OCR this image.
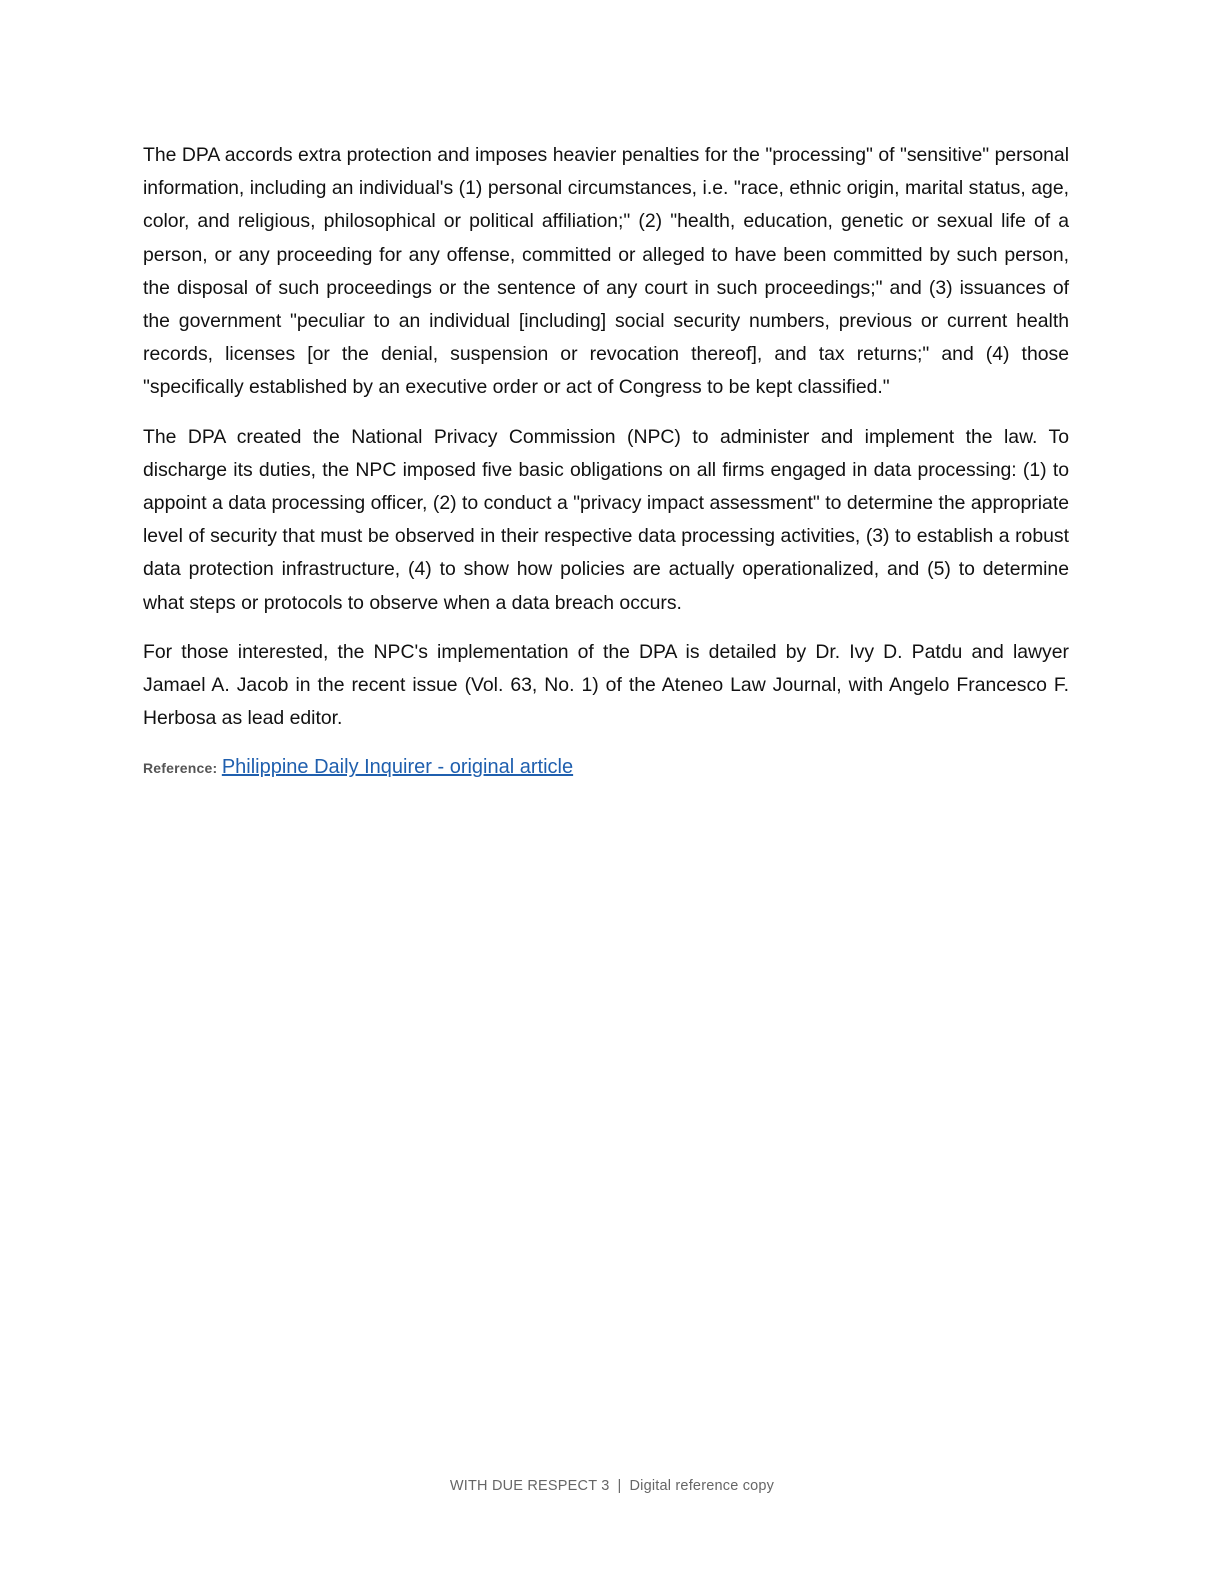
The DPA accords extra protection and imposes heavier penalties for the "processing" of "sensitive" personal information, including an individual's (1) personal circumstances, i.e. "race, ethnic origin, marital status, age, color, and religious, philosophical or political affiliation;" (2) "health, education, genetic or sexual life of a person, or any proceeding for any offense, committed or alleged to have been committed by such person, the disposal of such proceedings or the sentence of any court in such proceedings;" and (3) issuances of the government "peculiar to an individual [including] social security numbers, previous or current health records, licenses [or the denial, suspension or revocation thereof], and tax returns;" and (4) those "specifically established by an executive order or act of Congress to be kept classified."

The DPA created the National Privacy Commission (NPC) to administer and implement the law. To discharge its duties, the NPC imposed five basic obligations on all firms engaged in data processing: (1) to appoint a data processing officer, (2) to conduct a "privacy impact assessment" to determine the appropriate level of security that must be observed in their respective data processing activities, (3) to establish a robust data protection infrastructure, (4) to show how policies are actually operationalized, and (5) to determine what steps or protocols to observe when a data breach occurs.

For those interested, the NPC's implementation of the DPA is detailed by Dr. Ivy D. Patdu and lawyer Jamael A. Jacob in the recent issue (Vol. 63, No. 1) of the Ateneo Law Journal, with Angelo Francesco F. Herbosa as lead editor.

Reference: Philippine Daily Inquirer - original article
WITH DUE RESPECT 3 | Digital reference copy
